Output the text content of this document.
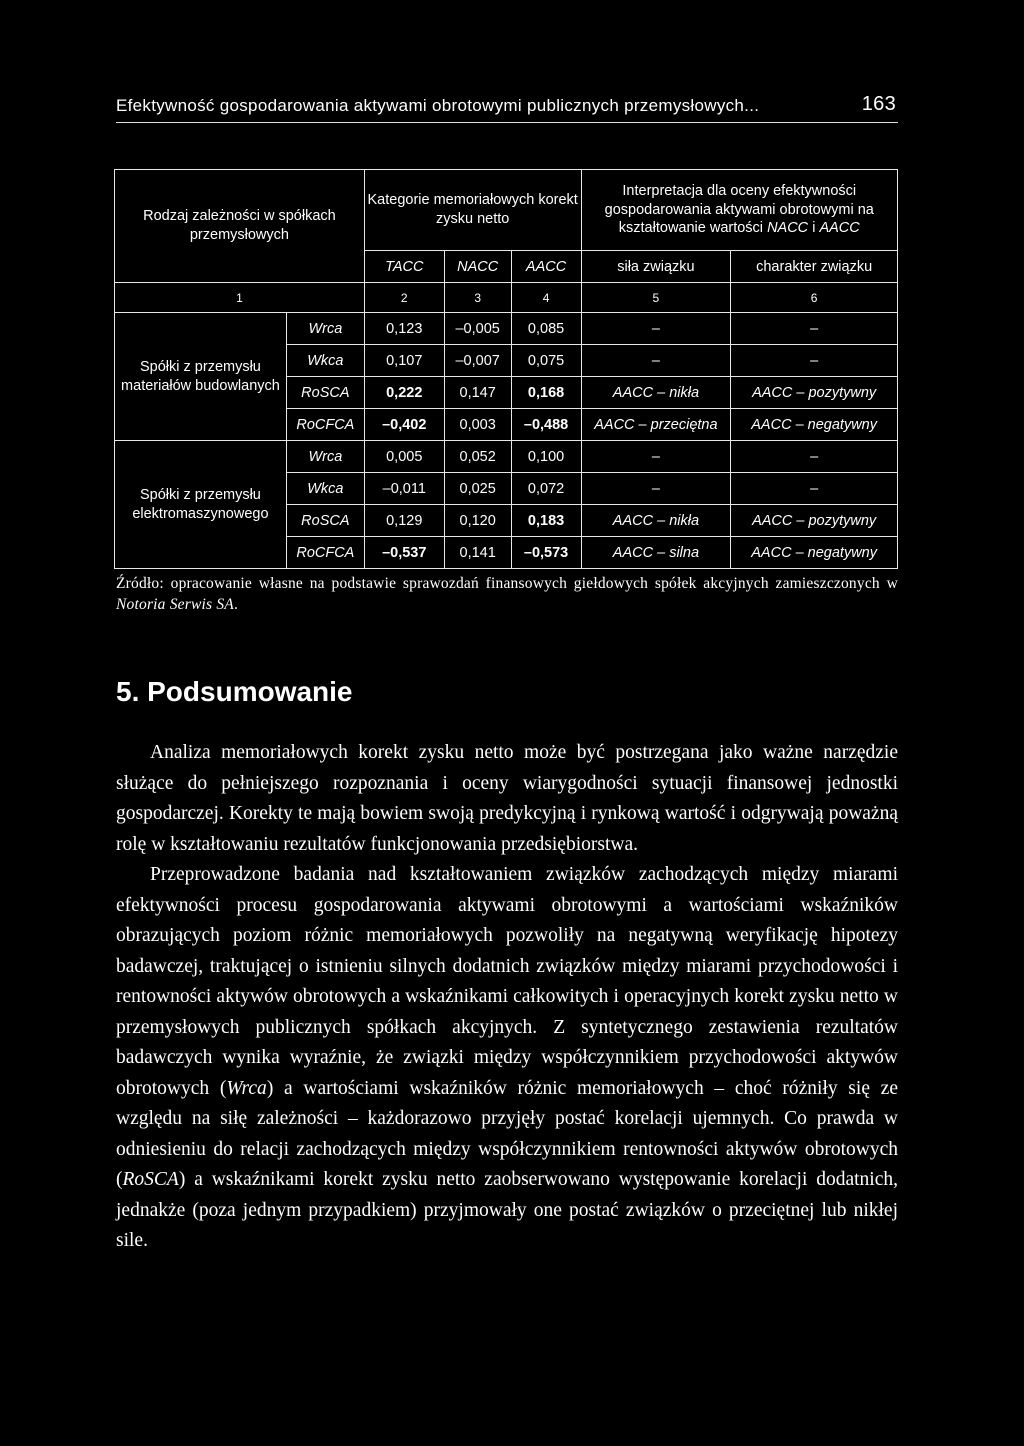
Efektywność gospodarowania aktywami obrotowymi publicznych przemysłowych...	163
Rodzaj zależności w spółkach przemysłowych		Kategorie memoriałowych korekt zysku netto			Interpretacja dla oceny efektywności gospodarowania aktywami obrotowymi na kształtowanie wartości NACC i AACC	
		TACC	NACC	AACC	siła związku	charakter związku
1		2	3	4	5	6
Spółki z przemysłu materiałów budowlanych	Wrca	0,123	–0,005	0,085	–	–
	Wkca	0,107	–0,007	0,075	–	–
	RoSCA	0,222	0,147	0,168	AACC – nikła	AACC – pozytywny
	RoCFCA	–0,402	0,003	–0,488	AACC – przeciętna	AACC – negatywny
Spółki z przemysłu elektromaszynowego	Wrca	0,005	0,052	0,100	–	–
	Wkca	–0,011	0,025	0,072	–	–
	RoSCA	0,129	0,120	0,183	AACC – nikła	AACC – pozytywny
	RoCFCA	–0,537	0,141	–0,573	AACC – silna	AACC – negatywny
Źródło: opracowanie własne na podstawie sprawozdań finansowych giełdowych spółek akcyjnych zamieszczonych w Notoria Serwis SA.
5. Podsumowanie

Analiza memoriałowych korekt zysku netto może być postrzegana jako ważne narzędzie służące do pełniejszego rozpoznania i oceny wiarygodności sytuacji finansowej jednostki gospodarczej. Korekty te mają bowiem swoją predykcyjną i rynkową wartość i odgrywają poważną rolę w kształtowaniu rezultatów funkcjonowania przedsiębiorstwa.

Przeprowadzone badania nad kształtowaniem związków zachodzących między miarami efektywności procesu gospodarowania aktywami obrotowymi a wartościami wskaźników obrazujących poziom różnic memoriałowych pozwoliły na negatywną weryfikację hipotezy badawczej, traktującej o istnieniu silnych dodatnich związków między miarami przychodowości i rentowności aktywów obrotowych a wskaźnikami całkowitych i operacyjnych korekt zysku netto w przemysłowych publicznych spółkach akcyjnych. Z syntetycznego zestawienia rezultatów badawczych wynika wyraźnie, że związki między współczynnikiem przychodowości aktywów obrotowych (Wrca) a wartościami wskaźników różnic memoriałowych – choć różniły się ze względu na siłę zależności – każdorazowo przyjęły postać korelacji ujemnych. Co prawda w odniesieniu do relacji zachodzących między współczynnikiem rentowności aktywów obrotowych (RoSCA) a wskaźnikami korekt zysku netto zaobserwowano występowanie korelacji dodatnich, jednakże (poza jednym przypadkiem) przyjmowały one postać związków o przeciętnej lub nikłej sile.
